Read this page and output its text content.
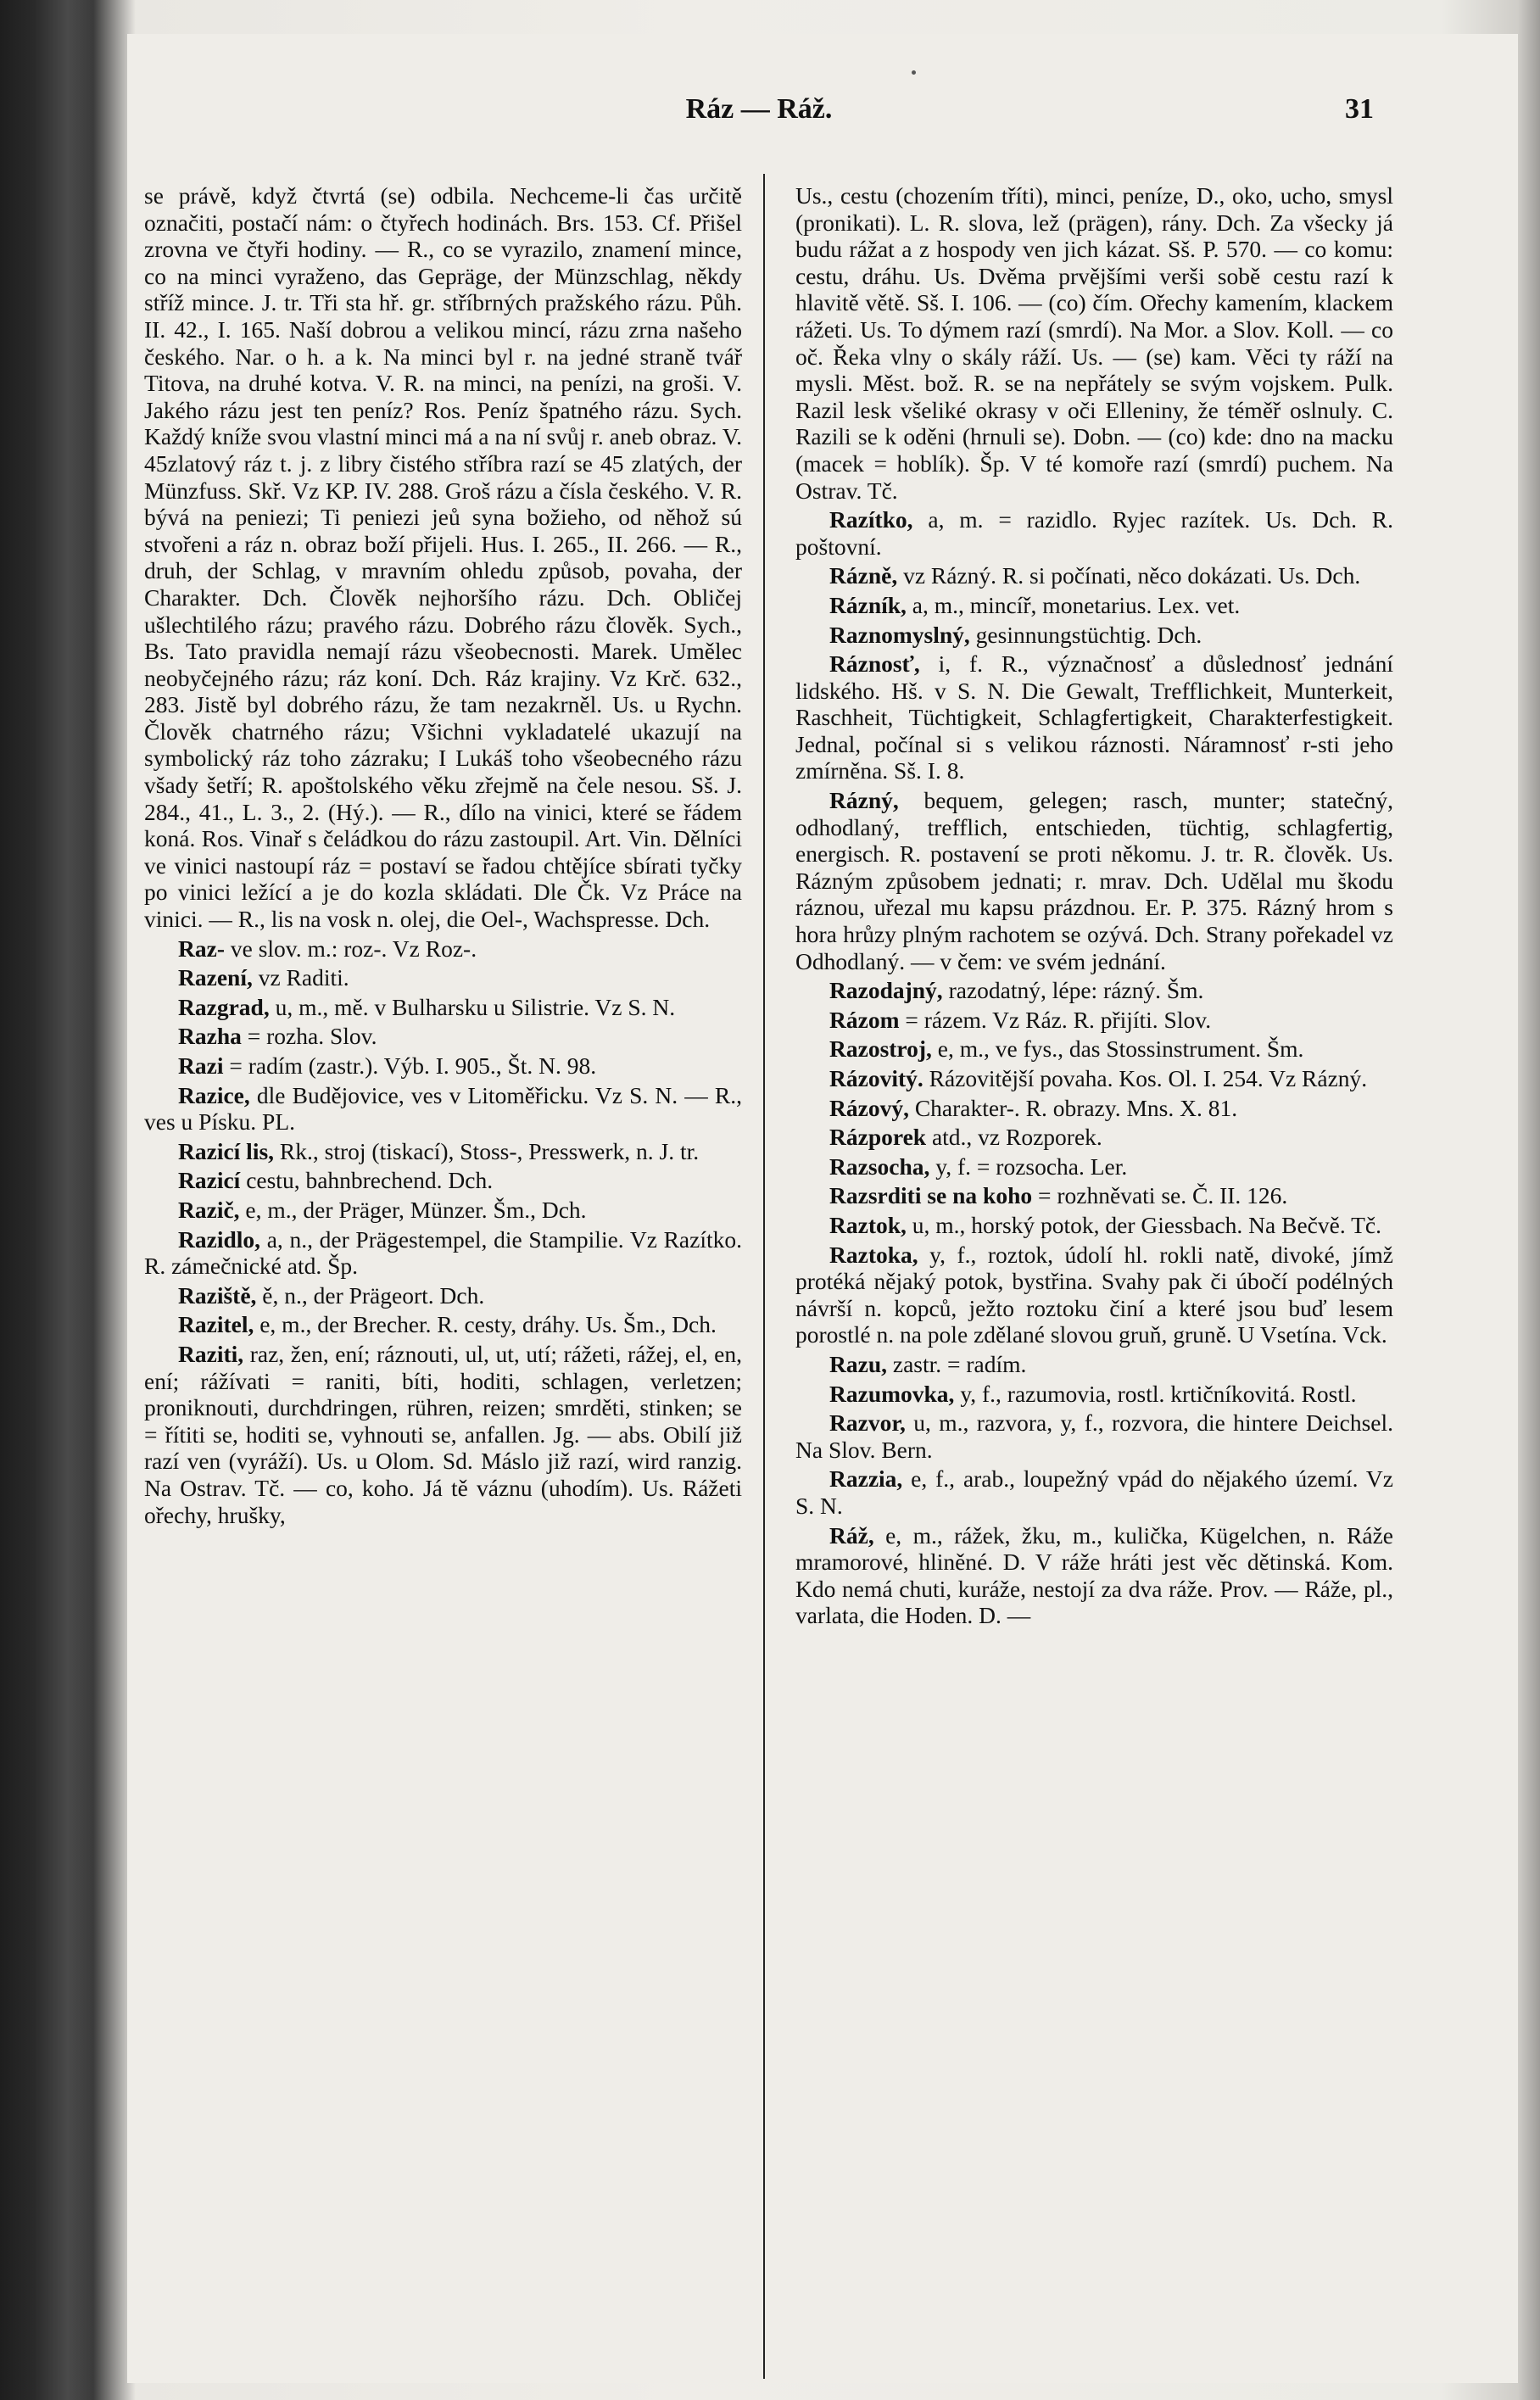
Ráz — Ráž.	31

se právě, když čtvrtá (se) odbila. Nechceme-li čas určitě označiti, postačí nám: o čtyřech hodinách. Brs. 153. Cf. Přišel zrovna ve čtyři hodiny. — R., co se vyrazilo, znamení mince, co na minci vyraženo, das Gepräge, der Münzschlag, někdy stříž mince. J. tr. Tři sta hř. gr. stříbrných pražského rázu. Půh. II. 42., I. 165. Naší dobrou a velikou mincí, rázu zrna našeho českého. Nar. o h. a k. Na minci byl r. na jedné straně tvář Titova, na druhé kotva. V. R. na minci, na penízi, na groši. V. Jakého rázu jest ten peníz? Ros. Peníz špatného rázu. Sych. Každý kníže svou vlastní minci má a na ní svůj r. aneb obraz. V. 45zlatový ráz t. j. z libry čistého stříbra razí se 45 zlatých, der Münzfuss. Skř. Vz KP. IV. 288. Groš rázu a čísla českého. V. R. bývá na peniezi; Ti peniezi jeů syna božieho, od něhož sú stvořeni a ráz n. obraz boží přijeli. Hus. I. 265., II. 266. — R., druh, der Schlag, v mravním ohledu způsob, povaha, der Charakter. Dch. Člověk nejhoršího rázu. Dch. Obličej ušlechtilého rázu; pravého rázu. Dobrého rázu člověk. Sych., Bs. Tato pravidla nemají rázu všeobecnosti. Marek. Umělec neobyčejného rázu; ráz koní. Dch. Ráz krajiny. Vz Krč. 632., 283. Jistě byl dobrého rázu, že tam nezakrněl. Us. u Rychn. Člověk chatrného rázu; Všichni vykladatelé ukazují na symbolický ráz toho zázraku; I Lukáš toho všeobecného rázu všady šetří; R. apoštolského věku zřejmě na čele nesou. Sš. J. 284., 41., L. 3., 2. (Hý.). — R., dílo na vinici, které se řádem koná. Ros. Vinař s čeládkou do rázu zastoupil. Art. Vin. Dělníci ve vinici nastoupí ráz = postaví se řadou chtějíce sbírati tyčky po vinici ležící a je do kozla skládati. Dle Čk. Vz Práce na vinici. — R., lis na vosk n. olej, die Oel-, Wachspresse. Dch.

Raz- ve slov. m.: roz-. Vz Roz-.

Razení, vz Raditi.

Razgrad, u, m., mě. v Bulharsku u Silistrie. Vz S. N.

Razha = rozha. Slov.

Razi = radím (zastr.). Výb. I. 905., Št. N. 98.

Razice, dle Budějovice, ves v Litoměřicku. Vz S. N. — R., ves u Písku. PL.

Razicí lis, Rk., stroj (tiskací), Stoss-, Presswerk, n. J. tr.

Razicí cestu, bahnbrechend. Dch.

Razič, e, m., der Präger, Münzer. Šm., Dch.

Razidlo, a, n., der Prägestempel, die Stampilie. Vz Razítko. R. zámečnické atd. Šp.

Raziště, ě, n., der Prägeort. Dch.

Razitel, e, m., der Brecher. R. cesty, dráhy. Us. Šm., Dch.

Raziti, raz, žen, ení; ráznouti, ul, ut, utí; rážeti, rážej, el, en, ení; rážívati = raniti, bíti, hoditi, schlagen, verletzen; proniknouti, durchdringen, rühren, reizen; smrděti, stinken; se = řítiti se, hoditi se, vyhnouti se, anfallen. Jg. — abs. Obilí již razí ven (vyráží). Us. u Olom. Sd. Máslo již razí, wird ranzig. Na Ostrav. Tč. — co, koho. Já tě váznu (uhodím). Us. Rážeti ořechy, hrušky,

Us., cestu (chozením tříti), minci, peníze, D., oko, ucho, smysl (pronikati). L. R. slova, lež (prägen), rány. Dch. Za všecky já budu rážat a z hospody ven jich kázat. Sš. P. 570. — co komu: cestu, dráhu. Us. Dvěma prvějšími verši sobě cestu razí k hlavitě větě. Sš. I. 106. — (co) čím. Ořechy kamením, klackem rážeti. Us. To dýmem razí (smrdí). Na Mor. a Slov. Koll. — co oč. Řeka vlny o skály ráží. Us. — (se) kam. Věci ty ráží na mysli. Měst. bož. R. se na nepřátely se svým vojskem. Pulk. Razil lesk všeliké okrasy v oči Elleniny, že téměř oslnuly. C. Razili se k oděni (hrnuli se). Dobn. — (co) kde: dno na macku (macek = hoblík). Šp. V té komoře razí (smrdí) puchem. Na Ostrav. Tč.

Razítko, a, m. = razidlo. Ryjec razítek. Us. Dch. R. poštovní.

Rázně, vz Rázný. R. si počínati, něco dokázati. Us. Dch.

Rázník, a, m., mincíř, monetarius. Lex. vet.

Raznomyslný, gesinnungstüchtig. Dch.

Ráznosť, i, f. R., význačnosť a důslednosť jednání lidského. Hš. v S. N. Die Gewalt, Trefflichkeit, Munterkeit, Raschheit, Tüchtigkeit, Schlagfertigkeit, Charakterfestigkeit. Jednal, počínal si s velikou ráznosti. Náramnosť r-sti jeho zmírněna. Sš. I. 8.

Rázný, bequem, gelegen; rasch, munter; statečný, odhodlaný, trefflich, entschieden, tüchtig, schlagfertig, energisch. R. postavení se proti někomu. J. tr. R. člověk. Us. Rázným způsobem jednati; r. mrav. Dch. Udělal mu škodu ráznou, uřezal mu kapsu prázdnou. Er. P. 375. Rázný hrom s hora hrůzy plným rachotem se ozývá. Dch. Strany pořekadel vz Odhodlaný. — v čem: ve svém jednání.

Razodajný, razodatný, lépe: rázný. Šm.

Rázom = rázem. Vz Ráz. R. přijíti. Slov.

Razostroj, e, m., ve fys., das Stossinstrument. Šm.

Rázovitý. Rázovitější povaha. Kos. Ol. I. 254. Vz Rázný.

Rázový, Charakter-. R. obrazy. Mns. X. 81.

Rázporek atd., vz Rozporek.

Razsocha, y, f. = rozsocha. Ler.

Razsrditi se na koho = rozhněvati se. Č. II. 126.

Raztok, u, m., horský potok, der Giessbach. Na Bečvě. Tč.

Raztoka, y, f., roztok, údolí hl. rokli natě, divoké, jímž protéká nějaký potok, bystřina. Svahy pak či úbočí podélných návrší n. kopců, ježto roztoku činí a které jsou buď lesem porostlé n. na pole zdělané slovou gruň, gruně. U Vsetína. Vck.

Razu, zastr. = radím.

Razumovka, y, f., razumovia, rostl. krtičníkovitá. Rostl.

Razvor, u, m., razvora, y, f., rozvora, die hintere Deichsel. Na Slov. Bern.

Razzia, e, f., arab., loupežný vpád do nějakého území. Vz S. N.

Ráž, e, m., rážek, žku, m., kulička, Kügelchen, n. Ráže mramorové, hliněné. D. V ráže hráti jest věc dětinská. Kom. Kdo nemá chuti, kuráže, nestojí za dva ráže. Prov. — Ráže, pl., varlata, die Hoden. D. —
